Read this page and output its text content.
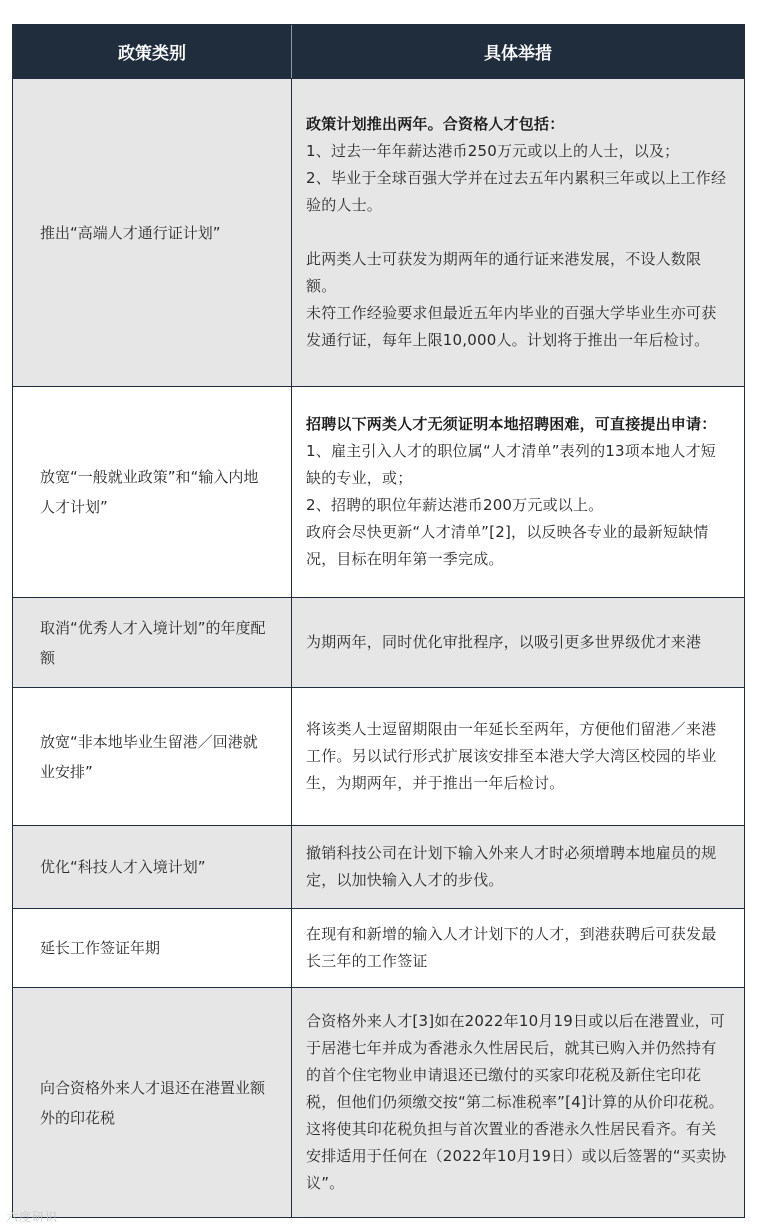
政策类别	具体举措
推出“高端人才通行证计划”

政策计划推出两年。合资格人才包括：

1、过去一年年薪达港币250万元或以上的人士，以及；

2、毕业于全球百强大学并在过去五年内累积三年或以上工作经验的人士。

此两类人士可获发为期两年的通行证来港发展，不设人数限额。

未符工作经验要求但最近五年内毕业的百强大学毕业生亦可获发通行证，每年上限10,000人。计划将于推出一年后检讨。

放宽“一般就业政策”和“输入内地人才计划”

招聘以下两类人才无须证明本地招聘困难，可直接提出申请：

1、雇主引入人才的职位属“人才清单”表列的13项本地人才短缺的专业，或；

2、招聘的职位年薪达港币200万元或以上。

政府会尽快更新“人才清单”[2]，以反映各专业的最新短缺情况，目标在明年第一季完成。

取消“优秀人才入境计划”的年度配额

为期两年，同时优化审批程序，以吸引更多世界级优才来港

放宽“非本地毕业生留港／回港就业安排”

将该类人士逗留期限由一年延长至两年，方便他们留港／来港工作。另以试行形式扩展该安排至本港大学大湾区校园的毕业生，为期两年，并于推出一年后检讨。

优化“科技人才入境计划”

撤销科技公司在计划下输入外来人才时必须增聘本地雇员的规定，以加快输入人才的步伐。

延长工作签证年期

在现有和新增的输入人才计划下的人才，到港获聘后可获发最长三年的工作签证

向合资格外来人才退还在港置业额外的印花税

合资格外来人才[3]如在2022年10月19日或以后在港置业，可于居港七年并成为香港永久性居民后，就其已购入并仍然持有的首个住宅物业申请退还已缴付的买家印花税及新住宅印花税，但他们仍须缴交按“第二标准税率”[4]计算的从价印花税。这将使其印花税负担与首次置业的香港永久性居民看齐。有关安排适用于任何在（2022年10月19日）或以后签署的“买卖协议”。

六度研识
